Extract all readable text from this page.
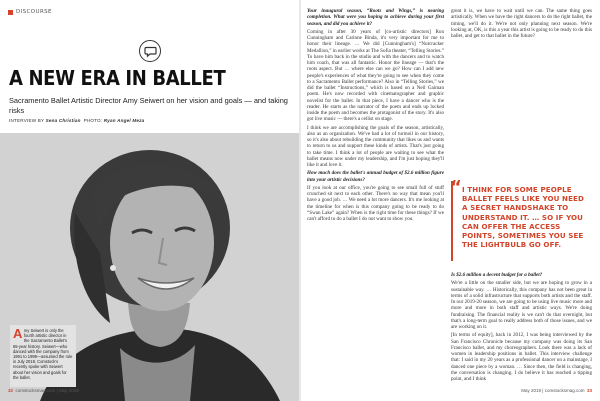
DISCOURSE
A NEW ERA IN BALLET
Sacramento Ballet Artistic Director Amy Seiwert on her vision and goals — and taking risks
INTERVIEW BY Sena Christian PHOTO: Ryan Angel Meza
Amy Seiwert is only the fourth artistic director in the Sacramento Ballet's 65-year history. Seiwert—who danced with the company from 1991 to 1999—assumed the role in July 2018. Comstock's recently spoke with Seiwert about her vision and goals for the ballet.
32 comstocksmag.com | May 2019

Your inaugural season, “Roots and Wings,” is nearing completion. What were you hoping to achieve during your first season, and did you achieve it?

Coming in after 30 years of [co-artistic directors] Ron Cunningham and Carinne Binda, it's very important for me to honor their lineage. … We did [Cunningham's] “Nutcracker Medallion,” in earlier works at The Sofia theater, “Telling Stories.” To have him back in the studio and with the dancers and to watch him coach, that was all fantastic. Honor the lineage — that's the roots aspect. But … where else can we go? How can I add new people's experiences of what they're going to see when they come to a Sacramento Ballet performance? Also in “Telling Stories,” we did the ballet “Instructions,” which is based on a Neil Gaiman poem. He's now recorded with cinematographer and graphic novelist for the ballet. In that piece, I have a dancer who is the reader. He starts as the narrator of the poem and ends up locked inside the poem and becomes the protagonist of the story. It's also got live music — there's a cellist on stage.

I think we are accomplishing the goals of the season, artistically, also as an organization. We've had a lot of turmoil in our history, so it's also about rebuilding the community that likes us and wants to return to us and support these kinds of artists. That's just going to take time. I think a lot of people are waiting to see what the ballet means now under my leadership, and I'm just hoping they'll like it and love it.

How much does the ballet's annual budget of $2.6 million figure into your artistic decisions?

If you look at our office, you're going to see small full of stuff crunched sit next to each other. There's no way that mean you'll have a good job. … We need a lot more dancers. It's me looking at the timeline for when is this company going to be ready to do “Swan Lake” again? When is the right time for these things? If we can't afford to do a ballet I do not want to show you.

great it is, we have to wait until we can. The same thing goes artistically. When we have the right dancers to do the right ballet, the timing, we'll do it. We're not only planning next season. We're looking at, OK, is this a year this artist is going to be ready to do this ballet, and get to that ballet in the future?

“ I THINK FOR SOME PEOPLE BALLET FEELS LIKE YOU NEED A SECRET HANDSHAKE TO UNDERSTAND IT. … SO IF YOU CAN OFFER THE ACCESS POINTS, SOMETIMES YOU SEE THE LIGHTBULB GO OFF.

Is $2.6 million a decent budget for a ballet?

We're a little on the smaller side, but we are hoping to grow in a sustainable way. … Historically, this company has not been great in terms of a solid infrastructure that supports both artists and the staff. In our 2019-20 season, we are going to be using live music more and more and more in both staff and artistic ways. We're doing fundraising. The financial reality is we can't do that overnight, but that's a long-term goal to really address both of those issues, and we are working on it.

[In terms of equity], back in 2012, I was being interviewed by the San Francisco Chronicle because my company was doing its San Francisco ballet, and my choreographers. Look there was a lack of women in leadership positions in ballet. This interview challenge that: I said in my 20 years as a professional dancer on a mainstage, I danced one piece by a woman. … Since then, the field is changing, the conversation is changing. I do believe it has reached a tipping point, and I think

May 2019 | comstocksmag.com 33
